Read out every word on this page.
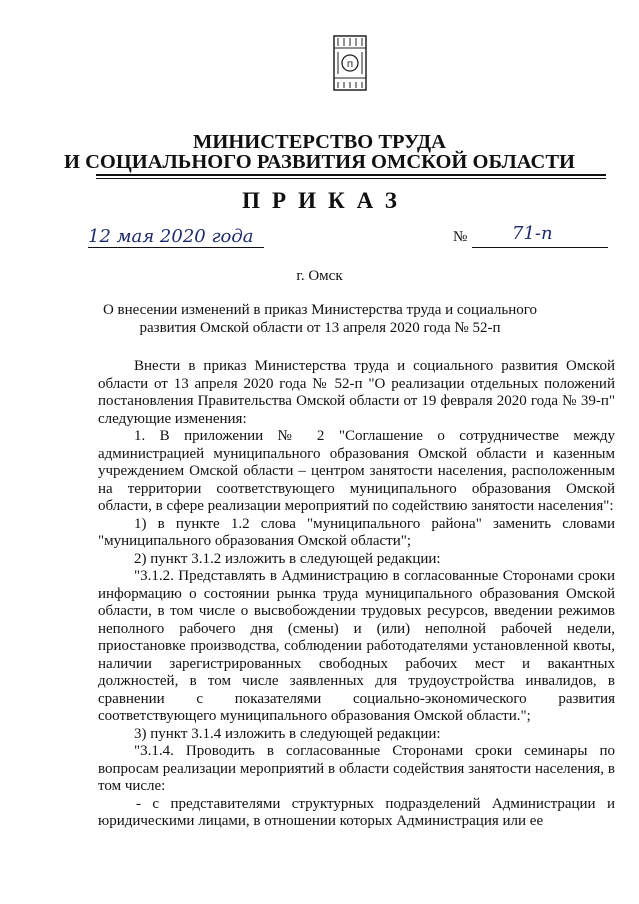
п
МИНИСТЕРСТВО ТРУДА
И СОЦИАЛЬНОГО РАЗВИТИЯ ОМСКОЙ ОБЛАСТИ
ПРИКАЗ
12 мая 2020 года	№ 71-п
г. Омск
О внесении изменений в приказ Министерства труда и социального развития Омской области от 13 апреля 2020 года № 52-п

Внести в приказ Министерства труда и социального развития Омской области от 13 апреля 2020 года № 52-п "О реализации отдельных положений постановления Правительства Омской области от 19 февраля 2020 года № 39-п" следующие изменения:

1. В приложении № 2 "Соглашение о сотрудничестве между администрацией муниципального образования Омской области и казенным учреждением Омской области – центром занятости населения, расположенным на территории соответствующего муниципального образования Омской области, в сфере реализации мероприятий по содействию занятости населения":

1) в пункте 1.2 слова "муниципального района" заменить словами "муниципального образования Омской области";

2) пункт 3.1.2 изложить в следующей редакции:

"3.1.2. Представлять в Администрацию в согласованные Сторонами сроки информацию о состоянии рынка труда муниципального образования Омской области, в том числе о высвобождении трудовых ресурсов, введении режимов неполного рабочего дня (смены) и (или) неполной рабочей недели, приостановке производства, соблюдении работодателями установленной квоты, наличии зарегистрированных свободных рабочих мест и вакантных должностей, в том числе заявленных для трудоустройства инвалидов, в сравнении с показателями социально-экономического развития соответствующего муниципального образования Омской области.";

3) пункт 3.1.4 изложить в следующей редакции:

"3.1.4. Проводить в согласованные Сторонами сроки семинары по вопросам реализации мероприятий в области содействия занятости населения, в том числе:

- с представителями структурных подразделений Администрации и юридическими лицами, в отношении которых Администрация или ее
